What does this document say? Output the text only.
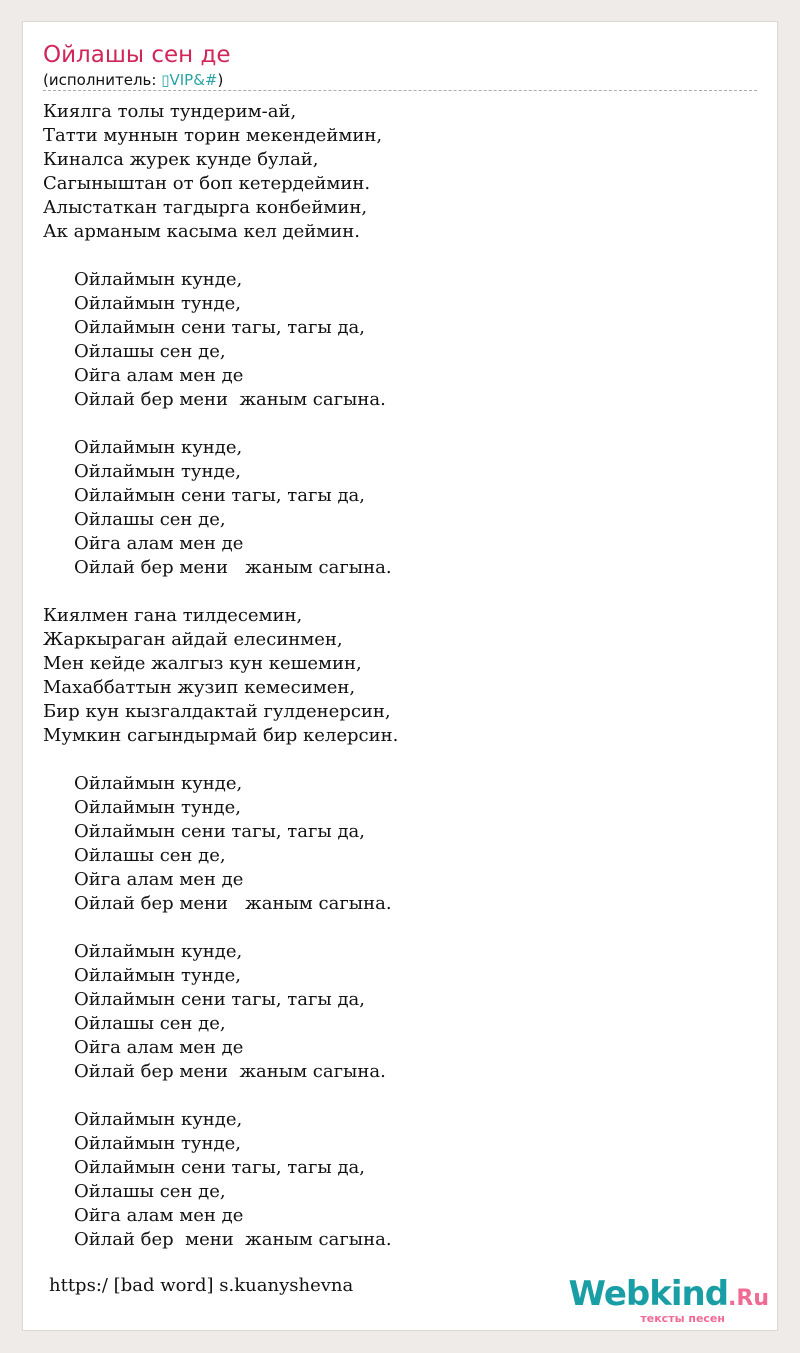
Ойлашы сен де
(исполнитель: ▯VIP&#)
Киялга толы тундерим-ай,
Татти муннын торин мекендеймин,
Киналса журек кунде булай,
Сагыныштан от боп кетердеймин.
Алыстаткан тагдырга конбеймин,
Ак арманым касыма кел деймин.
Ойлаймын кунде,
Ойлаймын тунде,
Ойлаймын сени тагы, тагы да,
Ойлашы сен де,
Ойга алам мен де
Ойлай бер мени  жаным сагына.
Ойлаймын кунде,
Ойлаймын тунде,
Ойлаймын сени тагы, тагы да,
Ойлашы сен де,
Ойга алам мен де
Ойлай бер мени   жаным сагына.
Киялмен гана тилдесемин,
Жаркыраган айдай елесинмен,
Мен кейде жалгыз кун кешемин,
Махаббаттын жузип кемесимен,
Бир кун кызгалдактай гулденерсин,
Мумкин сагындырмай бир келерсин.
Ойлаймын кунде,
Ойлаймын тунде,
Ойлаймын сени тагы, тагы да,
Ойлашы сен де,
Ойга алам мен де
Ойлай бер мени   жаным сагына.
Ойлаймын кунде,
Ойлаймын тунде,
Ойлаймын сени тагы, тагы да,
Ойлашы сен де,
Ойга алам мен де
Ойлай бер мени  жаным сагына.
Ойлаймын кунде,
Ойлаймын тунде,
Ойлаймын сени тагы, тагы да,
Ойлашы сен де,
Ойга алам мен де
Ойлай бер  мени  жаным сагына.
https:/ [bad word] s.kuanyshevna	Webkind.Ru
тексты песен
